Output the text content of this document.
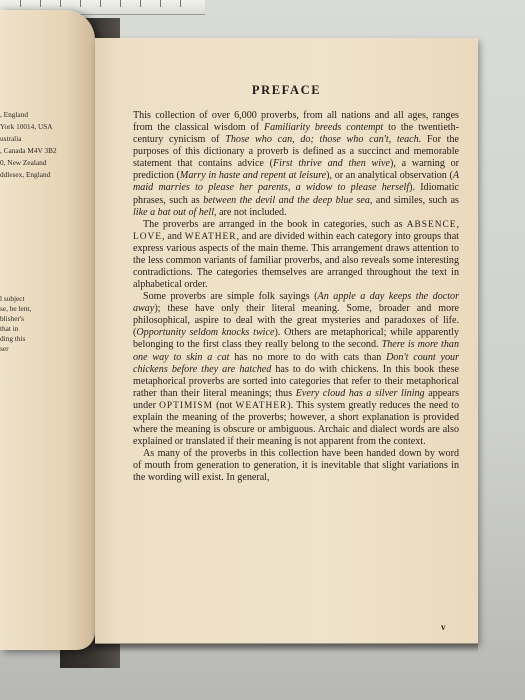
, England
York 10014, USA
ustralia
, Canada M4V 3B2
0, New Zealand
ddlesex, England
l subject
se, be lent,
blisher's
that in
ding this
ser
PREFACE

This collection of over 6,000 proverbs, from all nations and all ages, ranges from the classical wisdom of Familiarity breeds contempt to the twentieth-century cynicism of Those who can, do; those who can't, teach. For the purposes of this dictionary a proverb is defined as a succinct and memorable statement that contains advice (First thrive and then wive), a warning or prediction (Marry in haste and repent at leisure), or an analytical observation (A maid marries to please her parents, a widow to please herself). Idiomatic phrases, such as between the devil and the deep blue sea, and similes, such as like a bat out of hell, are not included.

The proverbs are arranged in the book in categories, such as ABSENCE, LOVE, and WEATHER, and are divided within each category into groups that express various aspects of the main theme. This arrangement draws attention to the less common variants of familiar proverbs, and also reveals some interesting contradictions. The categories themselves are arranged throughout the text in alphabetical order.

Some proverbs are simple folk sayings (An apple a day keeps the doctor away); these have only their literal meaning. Some, broader and more philosophical, aspire to deal with the great mysteries and paradoxes of life. (Opportunity seldom knocks twice). Others are metaphorical; while apparently belonging to the first class they really belong to the second. There is more than one way to skin a cat has no more to do with cats than Don't count your chickens before they are hatched has to do with chickens. In this book these metaphorical proverbs are sorted into categories that refer to their metaphorical rather than their literal meanings; thus Every cloud has a silver lining appears under OPTIMISM (not WEATHER). This system greatly reduces the need to explain the meaning of the proverbs; however, a short explanation is provided where the meaning is obscure or ambiguous. Archaic and dialect words are also explained or translated if their meaning is not apparent from the context.

As many of the proverbs in this collection have been handed down by word of mouth from generation to generation, it is inevitable that slight variations in the wording will exist. In general,

v
